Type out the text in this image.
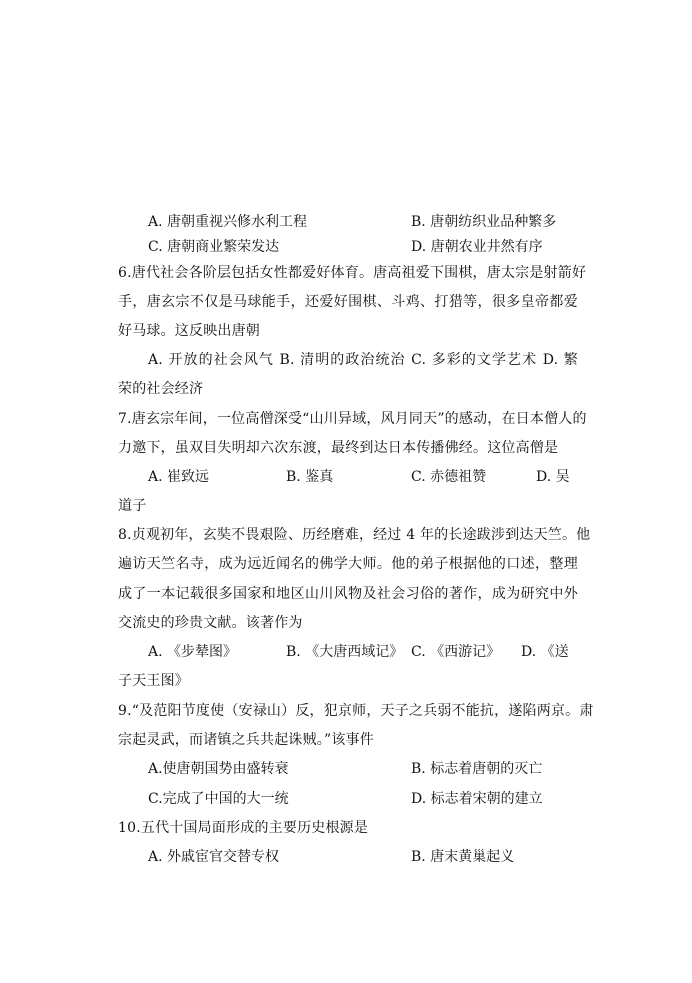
A. 唐朝重视兴修水利工程	B. 唐朝纺织业品种繁多
C. 唐朝商业繁荣发达	D. 唐朝农业井然有序
6.唐代社会各阶层包括女性都爱好体育。唐高祖爱下围棋，唐太宗是射箭好
手，唐玄宗不仅是马球能手，还爱好围棋、斗鸡、打猎等，很多皇帝都爱
好马球。这反映出唐朝
A. 开放的社会风气 B. 清明的政治统治 C. 多彩的文学艺术 D. 繁
荣的社会经济
7.唐玄宗年间，一位高僧深受“山川异域，风月同天”的感动，在日本僧人的
力邀下，虽双目失明却六次东渡，最终到达日本传播佛经。这位高僧是
A. 崔致远	B. 鉴真	C. 赤德祖赞	D. 吴
道子
8.贞观初年，玄奘不畏艰险、历经磨难，经过 4 年的长途跋涉到达天竺。他
遍访天竺名寺，成为远近闻名的佛学大师。他的弟子根据他的口述，整理
成了一本记载很多国家和地区山川风物及社会习俗的著作，成为研究中外
交流史的珍贵文献。该著作为
A. 《步辇图》	B. 《大唐西域记》 C. 《西游记》 D. 《送
子天王图》
9.“及范阳节度使（安禄山）反，犯京师，天子之兵弱不能抗，遂陷两京。肃
宗起灵武，而诸镇之兵共起诛贼。”该事件
A.使唐朝国势由盛转衰	B. 标志着唐朝的灭亡
C.完成了中国的大一统	D. 标志着宋朝的建立
10.五代十国局面形成的主要历史根源是
A. 外戚宦官交替专权	B. 唐末黄巢起义
